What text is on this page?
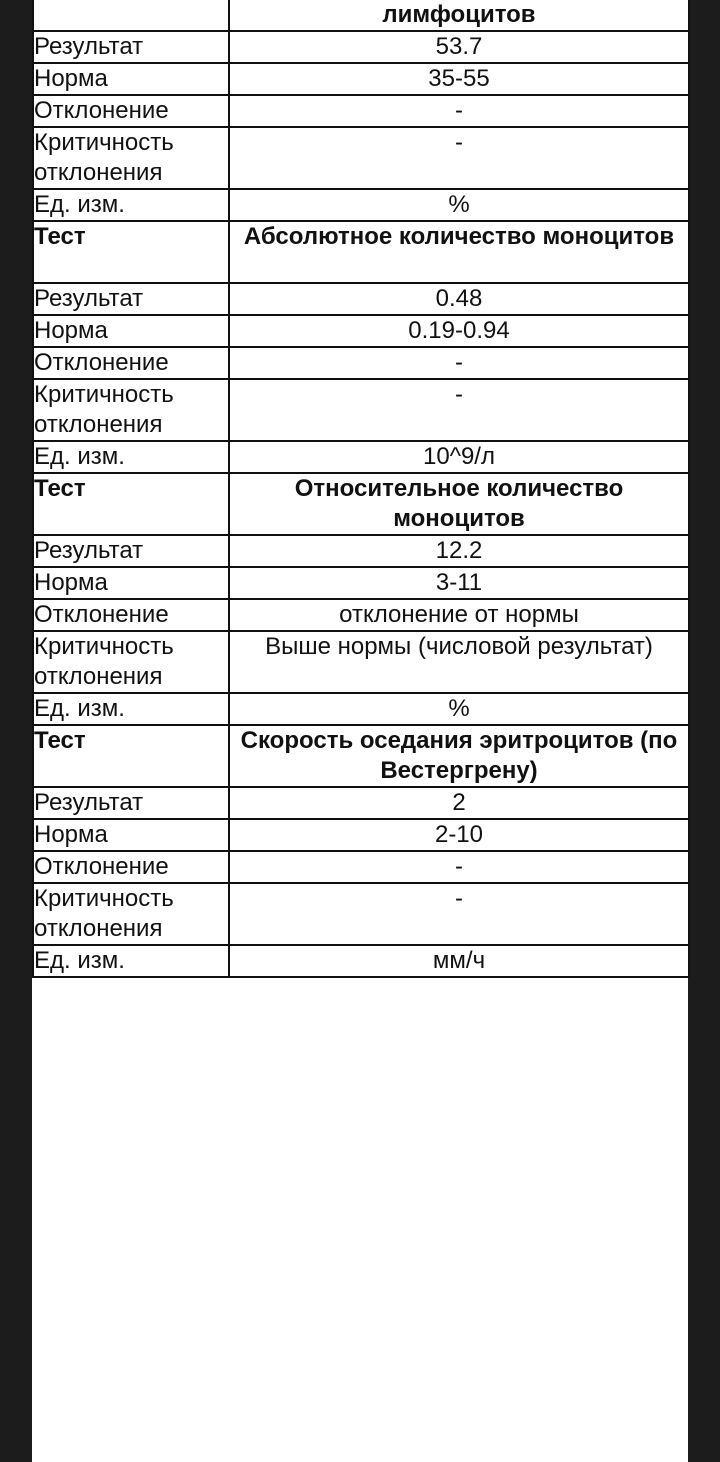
	лимфоцитов
Результат	53.7
Норма	35-55
Отклонение	-
Критичность отклонения	-
Ед. изм.	%
Тест	Абсолютное количество моноцитов
Результат	0.48
Норма	0.19-0.94
Отклонение	-
Критичность отклонения	-
Ед. изм.	10^9/л
Тест	Относительное количество моноцитов
Результат	12.2
Норма	3-11
Отклонение	отклонение от нормы
Критичность отклонения	Выше нормы (числовой результат)
Ед. изм.	%
Тест	Скорость оседания эритроцитов (по Вестергрену)
Результат	2
Норма	2-10
Отклонение	-
Критичность отклонения	-
Ед. изм.	мм/ч
